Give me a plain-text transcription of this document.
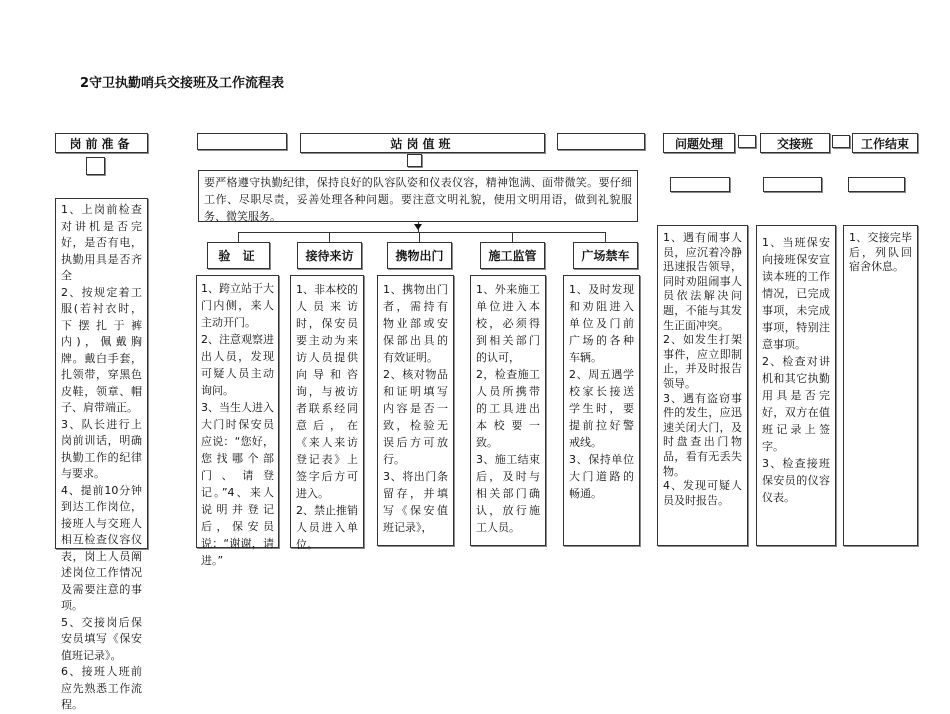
2守卫执勤哨兵交接班及工作流程表
岗前准备	站岗值班	问题处理	交接班	工作结束
要严格遵守执勤纪律，保持良好的队容队姿和仪表仪容，精神饱满、面带微笑。要仔细工作、尽职尽责，妥善处理各种问题。要注意文明礼貌，使用文明用语，做到礼貌服务、微笑服务。
验 证	接待来访	携物出门	施工监管	广场禁车
1、上岗前检查对讲机是否完好，是否有电，执勤用具是否齐全
2、按规定着工服(若衬衣时，下摆扎于裤内)，佩戴胸牌。戴白手套，扎领带，穿黑色皮鞋，领章、帽子、肩带端正。
3、队长进行上岗前训话，明确执勤工作的纪律与要求。
4、提前10分钟到达工作岗位，接班人与交班人相互检查仪容仪表，岗上人员阐述岗位工作情况及需要注意的事项。
5、交接岗后保安员填写《保安值班记录》。
6、接班人班前应先熟悉工作流程。
1、跨立站于大门内侧，来人主动开门。
2、注意观察进出人员，发现可疑人员主动询问。
3、当生人进入大门时保安员应说：“您好，您找哪个部门、请登记。”4、来人说明并登记后，保安员说：“谢谢，请进。”
1、非本校的人员来访时，保安员要主动为来访人员提供向导和咨询，与被访者联系经同意后，在《来人来访登记表》上签字后方可进入。
2、禁止推销人员进入单位。
1、携物出门者，需持有物业部或安保部出具的有效证明。
2、核对物品和证明填写内容是否一致，检验无误后方可放行。
3、将出门条留存，并填写《保安值班记录》，
1、外来施工单位进入本校，必须得到相关部门的认可，
2，检查施工人员所携带的工具进出本校要一致。
3、施工结束后，及时与相关部门确认，放行施工人员。
1、及时发现和劝阻进入单位及门前广场的各种车辆。
2、周五遇学校家长接送学生时，要提前拉好警戒线。
3、保持单位大门道路的畅通。
1、遇有闹事人员，应沉着冷静迅速报告领导，同时劝阻闹事人员依法解决问题，不能与其发生正面冲突。
2、如发生打架事件，应立即制止，并及时报告领导。
3、遇有盗窃事件的发生，应迅速关闭大门，及时盘查出门物品，看有无丢失物。
4、发现可疑人员及时报告。
1、当班保安向接班保安宣读本班的工作情况，已完成事项，未完成事项，特别注意事项。
2、检查对讲机和其它执勤用具是否完好，双方在值班记录上签字。
3、检查接班保安员的仪容仪表。
1、交接完毕后，列队回宿舍休息。
